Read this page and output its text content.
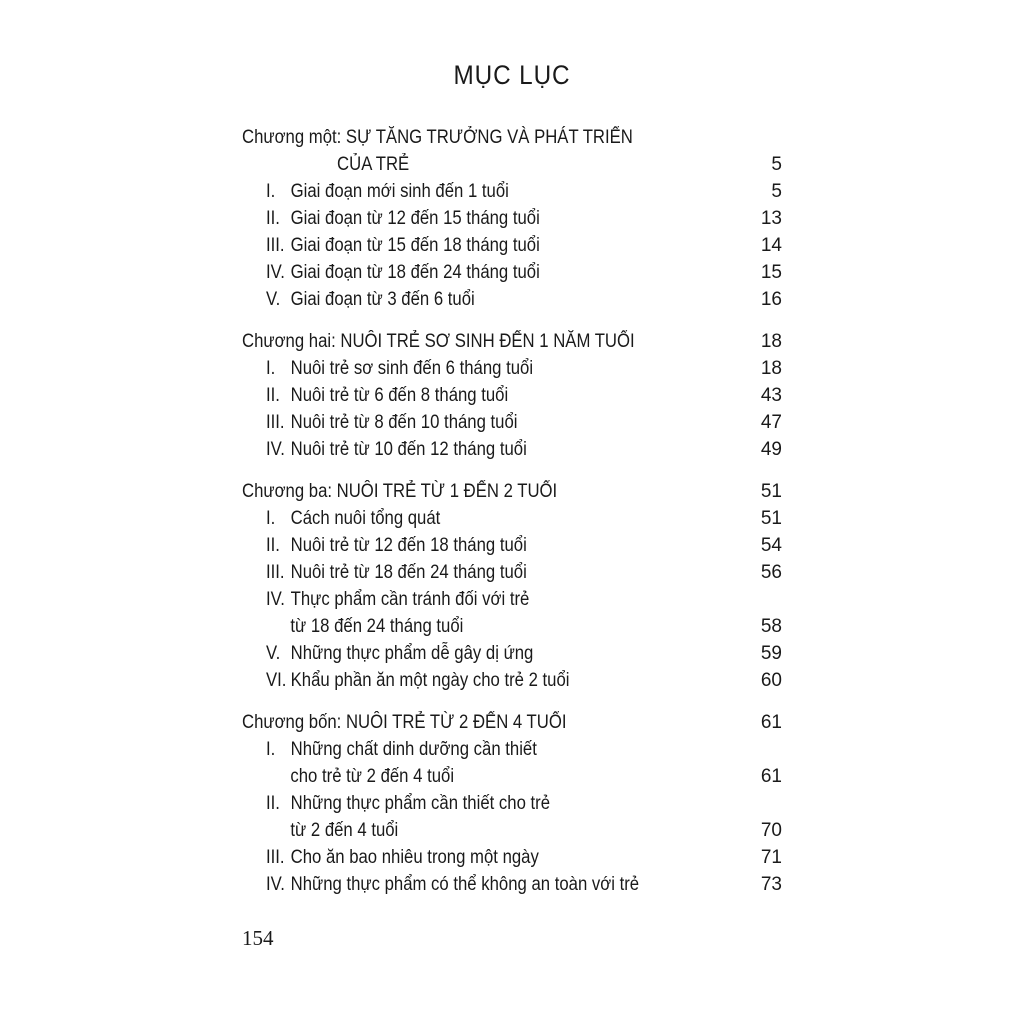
MỤC LỤC
Chương một: SỰ TĂNG TRƯỞNG VÀ PHÁT TRIỂN
CỦA TRẺ	5
I. Giai đoạn mới sinh đến 1 tuổi	5
II. Giai đoạn từ 12 đến 15 tháng tuổi	13
III. Giai đoạn từ 15 đến 18 tháng tuổi	14
IV. Giai đoạn từ 18 đến 24 tháng tuổi	15
V. Giai đoạn từ 3 đến 6 tuổi	16
Chương hai: NUÔI TRẺ SƠ SINH ĐẾN 1 NĂM TUỔI	18
I. Nuôi trẻ sơ sinh đến 6 tháng tuổi	18
II. Nuôi trẻ từ 6 đến 8 tháng tuổi	43
III. Nuôi trẻ từ 8 đến 10 tháng tuổi	47
IV. Nuôi trẻ từ 10 đến 12 tháng tuổi	49
Chương ba: NUÔI TRẺ TỪ 1 ĐẾN 2 TUỔI	51
I. Cách nuôi tổng quát	51
II. Nuôi trẻ từ 12 đến 18 tháng tuổi	54
III. Nuôi trẻ từ 18 đến 24 tháng tuổi	56
IV. Thực phẩm cần tránh đối với trẻ
từ 18 đến 24 tháng tuổi	58
V. Những thực phẩm dễ gây dị ứng	59
VI. Khẩu phần ăn một ngày cho trẻ 2 tuổi	60
Chương bốn: NUÔI TRẺ TỪ 2 ĐẾN 4 TUỔI	61
I. Những chất dinh dưỡng cần thiết
cho trẻ từ 2 đến 4 tuổi	61
II. Những thực phẩm cần thiết cho trẻ
từ 2 đến 4 tuổi	70
III. Cho ăn bao nhiêu trong một ngày	71
IV. Những thực phẩm có thể không an toàn với trẻ	73
154
